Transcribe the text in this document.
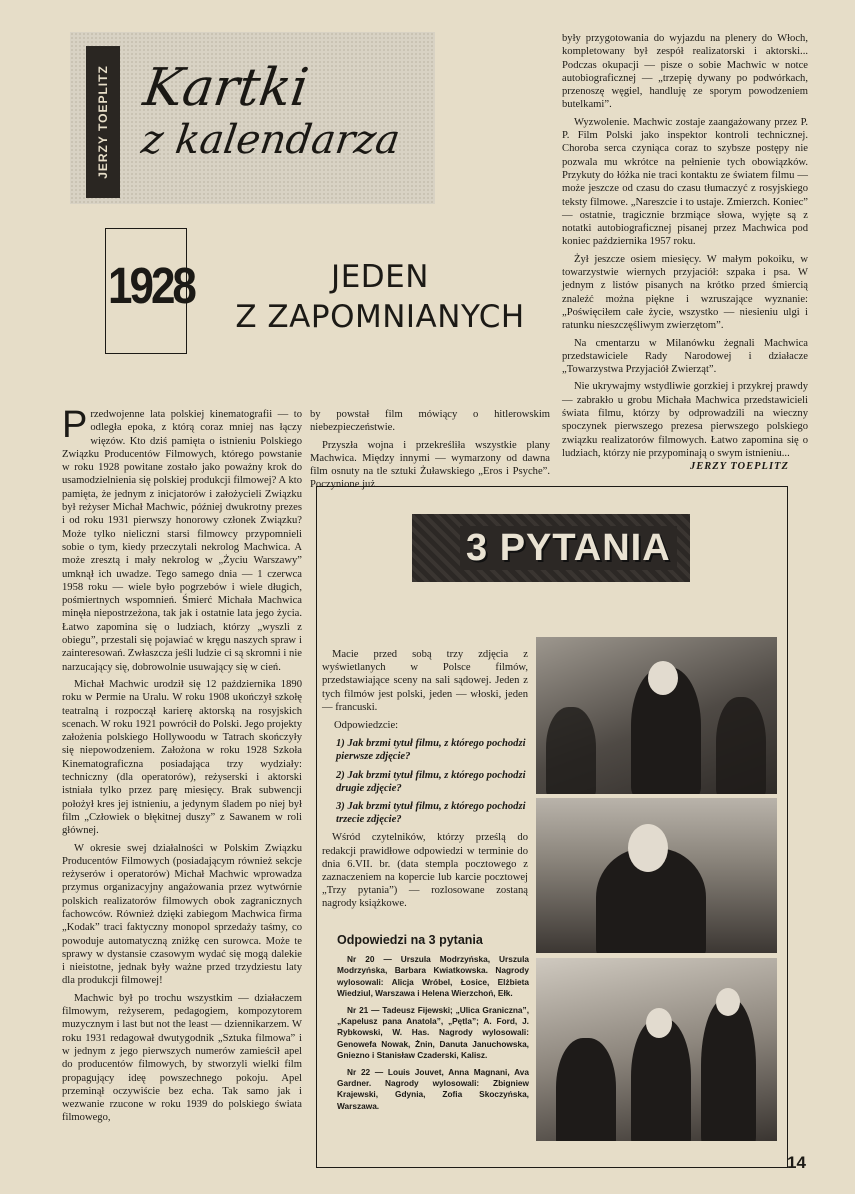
JERZY TOEPLITZ Kartki
z kalendarza
1928	JEDEN
Z ZAPOMNIANYCH

Przedwojenne lata polskiej kinematografii — to odległa epoka, z którą coraz mniej nas łączy więzów. Kto dziś pamięta o istnieniu Polskiego Związku Producentów Filmowych, którego powstanie w roku 1928 powitane zostało jako poważny krok do usamodzielnienia się polskiej produkcji filmowej? A kto pamięta, że jednym z inicjatorów i założycieli Związku był reżyser Michał Machwic, później dwukrotny prezes i od roku 1931 pierwszy honorowy członek Związku? Może tylko nieliczni starsi filmowcy przypomnieli sobie o tym, kiedy przeczytali nekrolog Machwica. A może zresztą i mały nekrolog w „Życiu Warszawy” umknął ich uwadze. Tego samego dnia — 1 czerwca 1958 roku — wiele było pogrzebów i wiele długich, pośmiertnych wspomnień. Śmierć Michała Machwica minęła niepostrzeżona, tak jak i ostatnie lata jego życia. Łatwo zapomina się o ludziach, którzy „wyszli z obiegu”, przestali się pojawiać w kręgu naszych spraw i zainteresowań. Zwłaszcza jeśli ludzie ci są skromni i nie narzucający się, dobrowolnie usuwający się w cień.

Michał Machwic urodził się 12 października 1890 roku w Permie na Uralu. W roku 1908 ukończył szkołę teatralną i rozpoczął karierę aktorską na rosyjskich scenach. W roku 1921 powrócił do Polski. Jego projekty założenia polskiego Hollywoodu w Tatrach skończyły się niepowodzeniem. Założona w roku 1928 Szkoła Kinematograficzna posiadająca trzy wydziały: techniczny (dla operatorów), reżyserski i aktorski istniała tylko przez parę miesięcy. Brak subwencji położył kres jej istnieniu, a jedynym śladem po niej był film „Człowiek o błękitnej duszy” z Sawanem w roli głównej.

W okresie swej działalności w Polskim Związku Producentów Filmowych (posiadającym również sekcje reżyserów i operatorów) Michał Machwic wprowadza przymus organizacyjny angażowania przez wytwórnie polskich realizatorów filmowych obok zagranicznych fachowców. Również dzięki zabiegom Machwica firma „Kodak” traci faktyczny monopol sprzedaży taśmy, co powoduje automatyczną zniżkę cen surowca. Może te sprawy w dystansie czasowym wydać się mogą dalekie i nieistotne, jednak były ważne przed trzydziestu laty dla produkcji filmowej!

Machwic był po trochu wszystkim — działaczem filmowym, reżyserem, pedagogiem, kompozytorem muzycznym i last but not the least — dziennikarzem. W roku 1931 redagował dwutygodnik „Sztuka filmowa” i w jednym z jego pierwszych numerów zamieścił apel do producentów filmowych, by stworzyli wielki film propagujący ideę powszechnego pokoju. Apel przeminął oczywiście bez echa. Tak samo jak i wezwanie rzucone w roku 1939 do polskiego świata filmowego,

by powstał film mówiący o hitlerowskim niebezpieczeństwie.

Przyszła wojna i przekreśliła wszystkie plany Machwica. Między innymi — wymarzony od dawna film osnuty na tle sztuki Żuławskiego „Eros i Psyche”. Poczynione już

były przygotowania do wyjazdu na plenery do Włoch, kompletowany był zespół realizatorski i aktorski... Podczas okupacji — pisze o sobie Machwic w notce autobiograficznej — „trzepię dywany po podwórkach, przenoszę węgiel, handluję ze sporym powodzeniem butelkami”.

Wyzwolenie. Machwic zostaje zaangażowany przez P. P. Film Polski jako inspektor kontroli technicznej. Choroba serca czyniąca coraz to szybsze postępy nie pozwala mu wkrótce na pełnienie tych obowiązków. Przykuty do łóżka nie traci kontaktu ze światem filmu — może jeszcze od czasu do czasu tłumaczyć z rosyjskiego teksty filmowe. „Nareszcie i to ustaje. Zmierzch. Koniec” — ostatnie, tragicznie brzmiące słowa, wyjęte są z notatki autobiograficznej pisanej przez Machwica pod koniec października 1957 roku.

Żył jeszcze osiem miesięcy. W małym pokoiku, w towarzystwie wiernych przyjaciół: szpaka i psa. W jednym z listów pisanych na krótko przed śmiercią znaleźć można piękne i wzruszające wyznanie: „Poświęciłem całe życie, wszystko — niesieniu ulgi i ratunku nieszczęśliwym zwierzętom”.

Na cmentarzu w Milanówku żegnali Machwica przedstawiciele Rady Narodowej i działacze „Towarzystwa Przyjaciół Zwierząt”.

Nie ukrywajmy wstydliwie gorzkiej i przykrej prawdy — zabrakło u grobu Michała Machwica przedstawicieli świata filmu, którzy by odprowadzili na wieczny spoczynek pierwszego prezesa pierwszego polskiego związku realizatorów filmowych. Łatwo zapomina się o ludziach, którzy nie przypominają o swym istnieniu...

JERZY TOEPLITZ
3 PYTANIA

Macie przed sobą trzy zdjęcia z wyświetlanych w Polsce filmów, przedstawiające sceny na sali sądowej. Jeden z tych filmów jest polski, jeden — włoski, jeden — francuski.

Odpowiedzcie:

1) Jak brzmi tytuł filmu, z którego pochodzi pierwsze zdjęcie?

2) Jak brzmi tytuł filmu, z którego pochodzi drugie zdjęcie?

3) Jak brzmi tytuł filmu, z którego pochodzi trzecie zdjęcie?

Wśród czytelników, którzy prześlą do redakcji prawidłowe odpowiedzi w terminie do dnia 6.VII. br. (data stempla pocztowego z zaznaczeniem na kopercie lub karcie pocztowej „Trzy pytania”) — rozlosowane zostaną nagrody książkowe.

Odpowiedzi na 3 pytania

Nr 20 — Urszula Modrzyńska, Urszula Modrzyńska, Barbara Kwiatkowska. Nagrody wylosowali: Alicja Wróbel, Łosice, Elżbieta Wiedziul, Warszawa i Helena Wierzchoń, Ełk.

Nr 21 — Tadeusz Fijewski; „Ulica Graniczna”, „Kapelusz pana Anatola”, „Pętla”; A. Ford, J. Rybkowski, W. Has. Nagrody wylosowali: Genowefa Nowak, Żnin, Danuta Januchowska, Gniezno i Stanisław Czaderski, Kalisz.

Nr 22 — Louis Jouvet, Anna Magnani, Ava Gardner. Nagrody wylosowali: Zbigniew Krajewski, Gdynia, Zofia Skoczyńska, Warszawa.

14
